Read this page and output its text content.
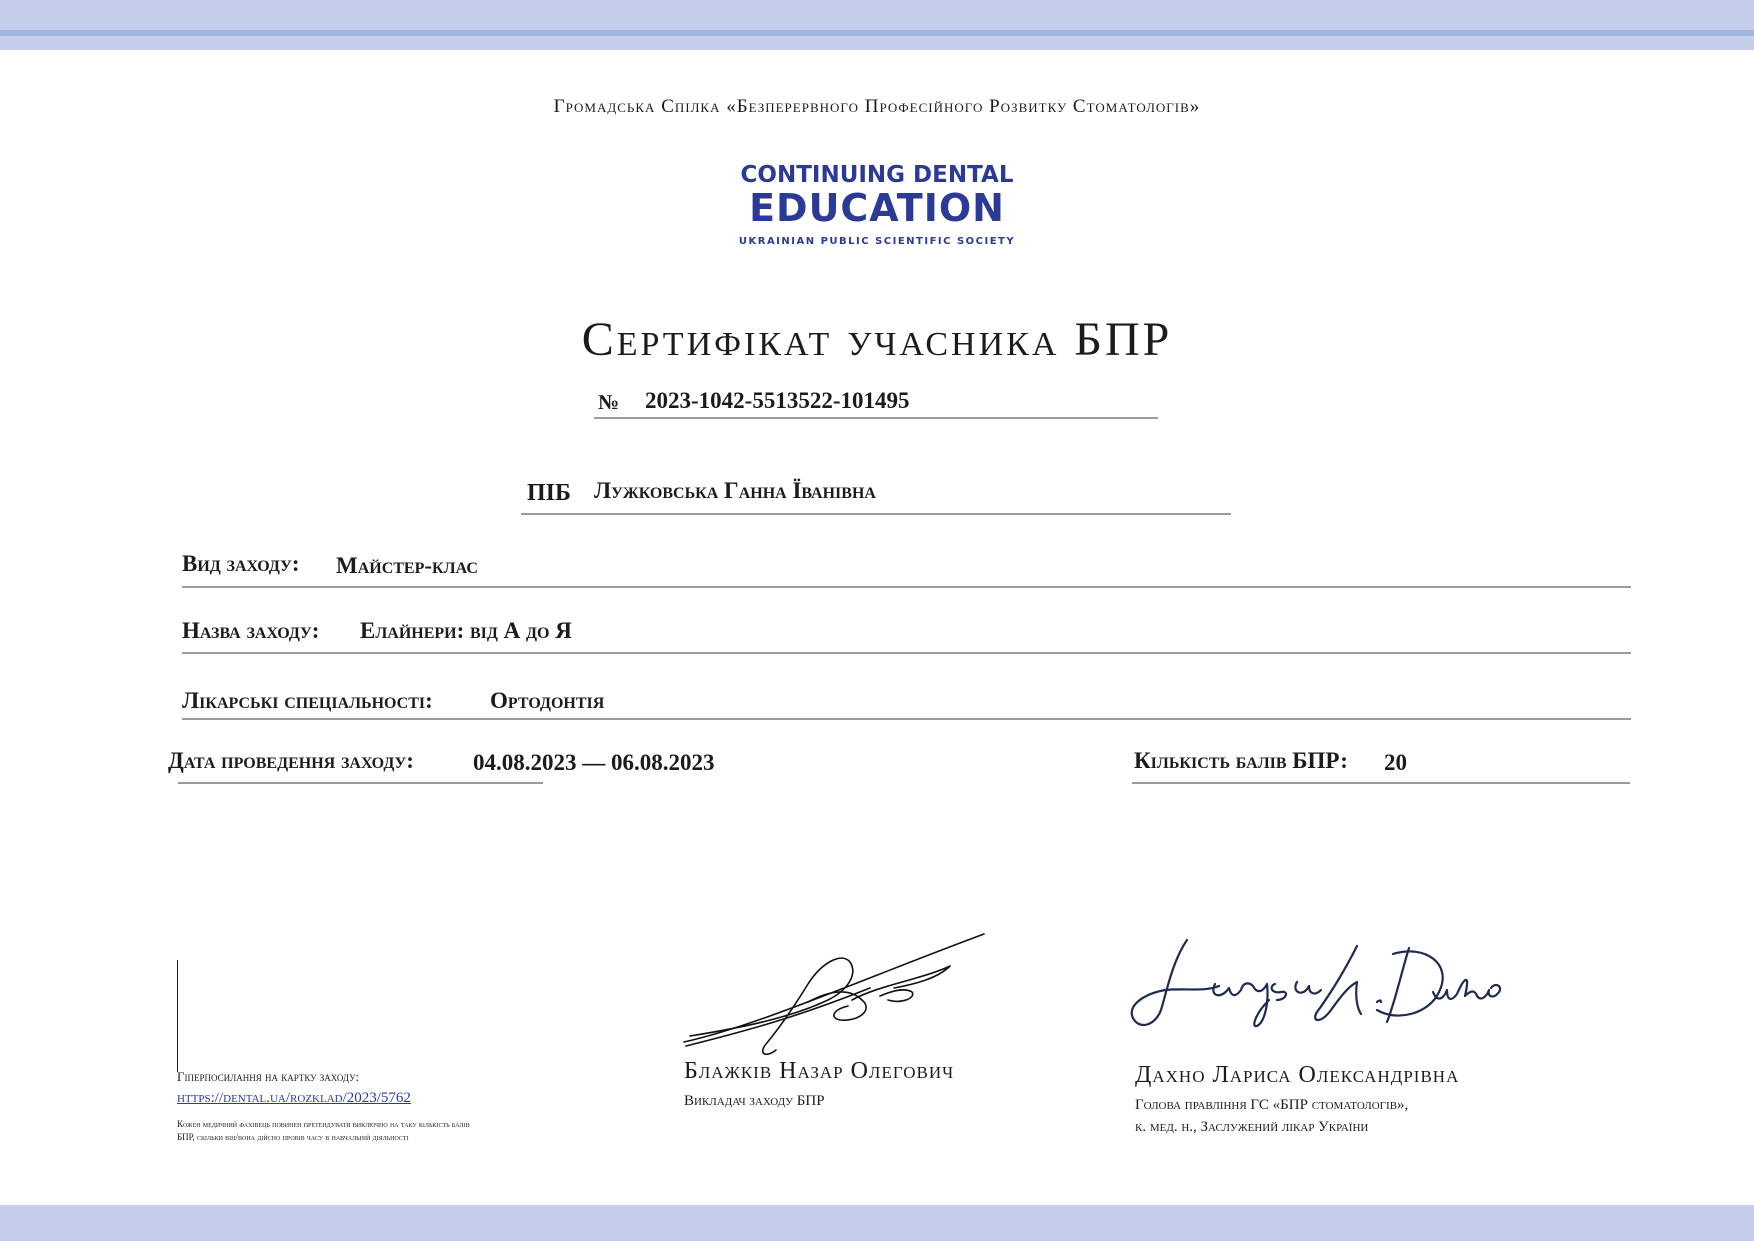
Громадська Спілка «Безперервного Професійного Розвитку Стоматологів»
CONTINUING DENTAL
EDUCATION
UKRAINIAN PUBLIC SCIENTIFIC SOCIETY
Сертифікат учасника БПР
№ 2023-1042-5513522-101495
ПІБ Лужковська Ганна Їванівна
Вид заходу: Майстер-клас
Назва заходу: Елайнери: від А до Я
Лікарські спеціальності: Ортодонтія
Дата проведення заходу:	04.08.2023 — 06.08.2023	Кількість балів БПР: 20
Гіперпосилання на картку заходу:
https://dental.ua/rozklad/2023/5762
Кожен медичний фахівець повинен претендувати виключно на таку кількість балів БПР, скільки він/вона дійсно провів часу в навчальній діяльності
Блажків Назар Олегович
Викладач заходу БПР
Дахно Лариса Олександрівна
Голова правління ГС «БПР стоматологів»,
к. мед. н., Заслужений лікар України
